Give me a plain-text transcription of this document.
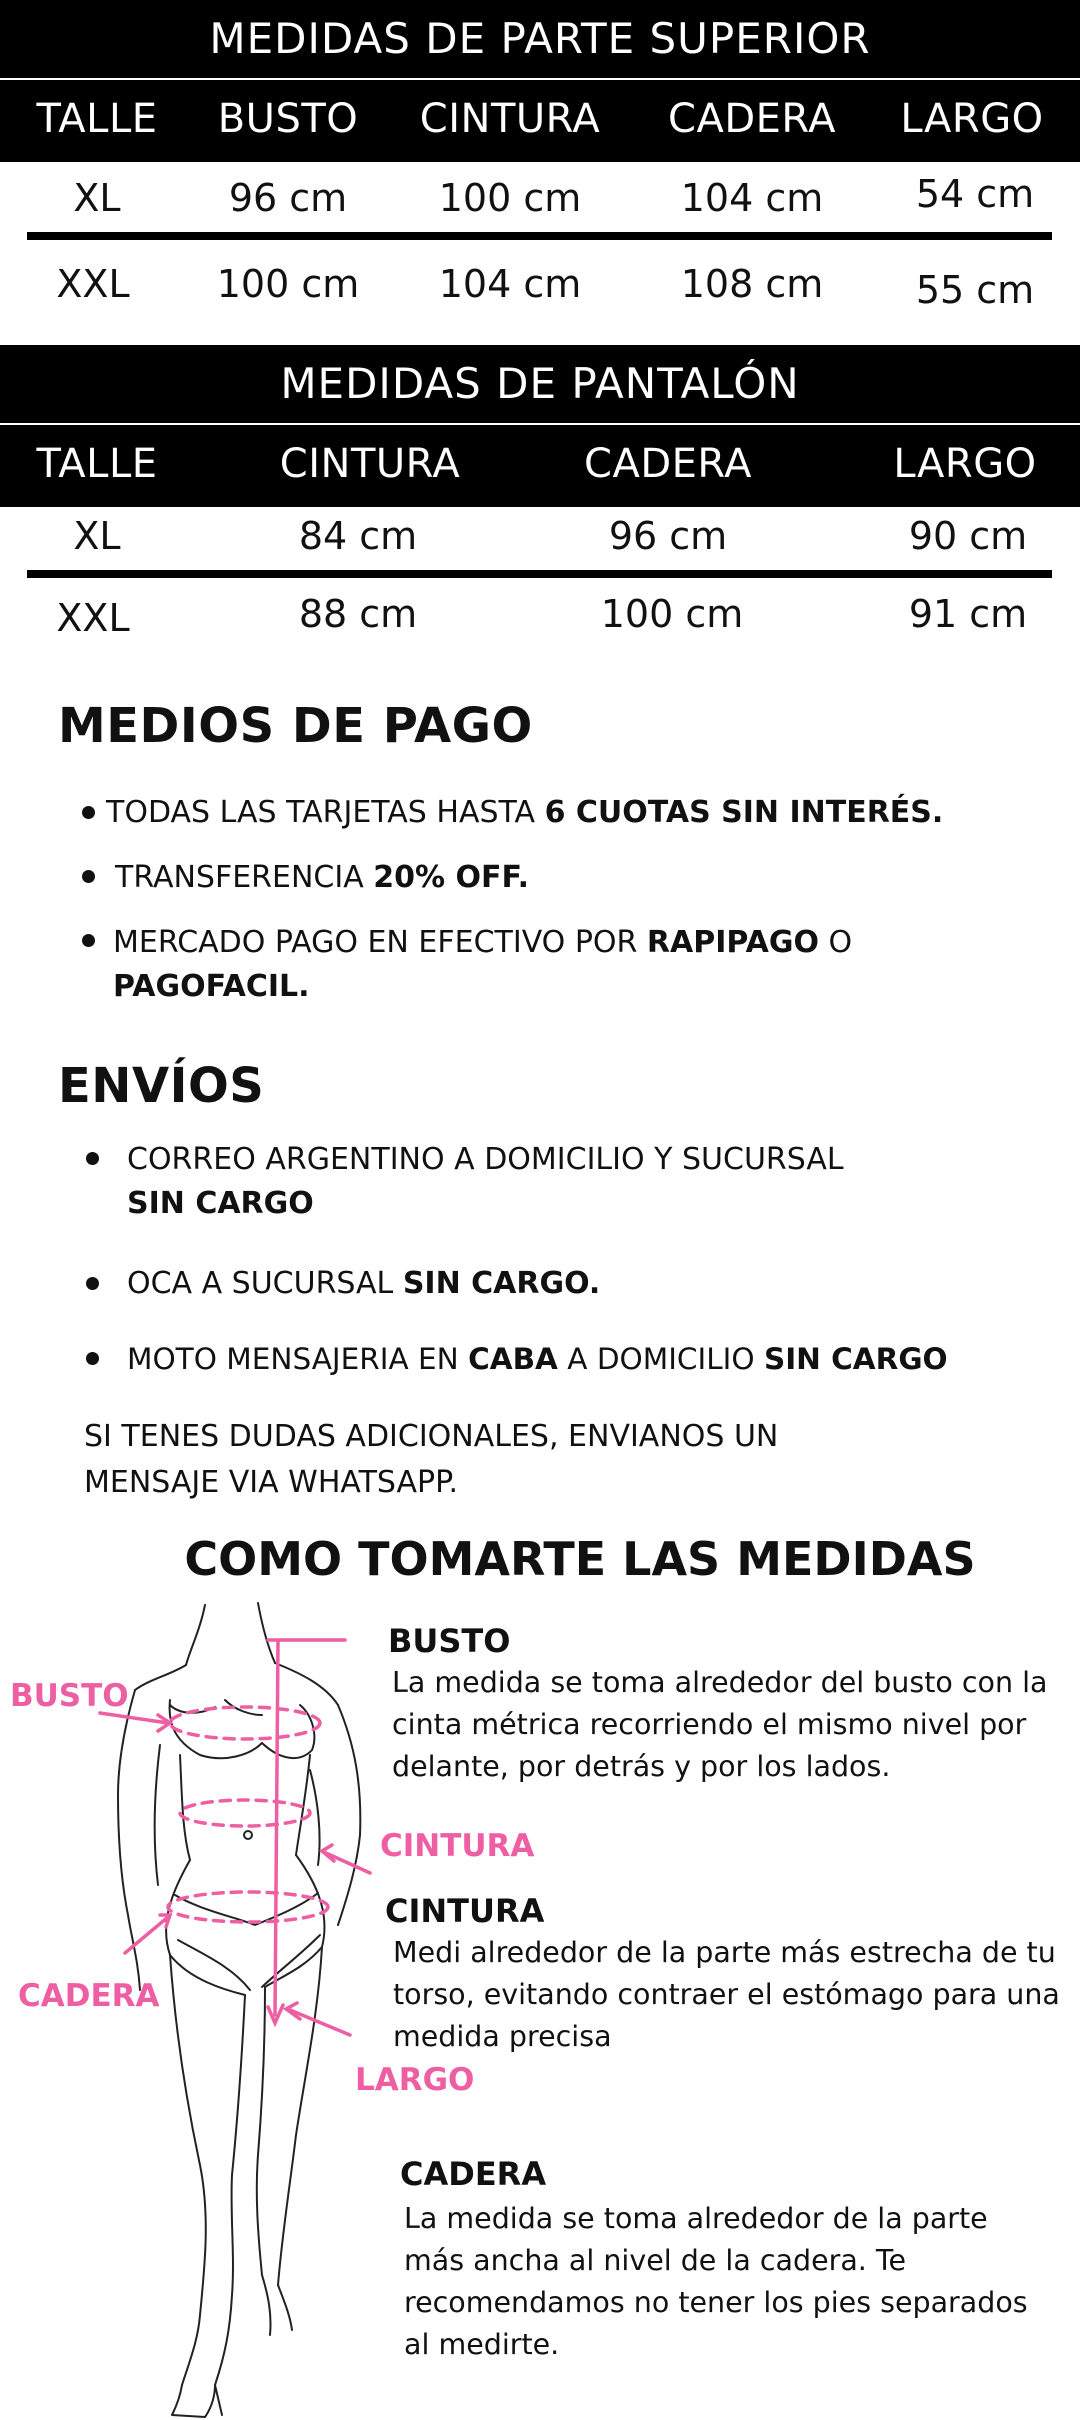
MEDIDAS DE PARTE SUPERIOR
TALLE BUSTO CINTURA CADERA LARGO
XL	96 cm 100 cm	104 cm 54 cm
XXL 100 cm 104 cm	108 cm 55 cm
MEDIDAS DE PANTALÓN
TALLE	CINTURA	CADERA	LARGO
XL	84 cm	96 cm	90 cm
XXL	88 cm	100 cm	91 cm
MEDIOS DE PAGO
TODAS LAS TARJETAS HASTA 6 CUOTAS SIN INTERÉS.
TRANSFERENCIA 20% OFF.
MERCADO PAGO EN EFECTIVO POR RAPIPAGO O
PAGOFACIL.
ENVÍOS
CORREO ARGENTINO A DOMICILIO Y SUCURSAL
SIN CARGO
OCA A SUCURSAL SIN CARGO.
MOTO MENSAJERIA EN CABA A DOMICILIO SIN CARGO
SI TENES DUDAS ADICIONALES, ENVIANOS UN
MENSAJE VIA WHATSAPP.
COMO TOMARTE LAS MEDIDAS
BUSTO
CINTURA
CADERA
LARGO
BUSTO
La medida se toma alrededor del busto con la
cinta métrica recorriendo el mismo nivel por
delante, por detrás y por los lados.
CINTURA
Medi alrededor de la parte más estrecha de tu
torso, evitando contraer el estómago para una
medida precisa
CADERA
La medida se toma alrededor de la parte
más ancha al nivel de la cadera. Te
recomendamos no tener los pies separados
al medirte.
